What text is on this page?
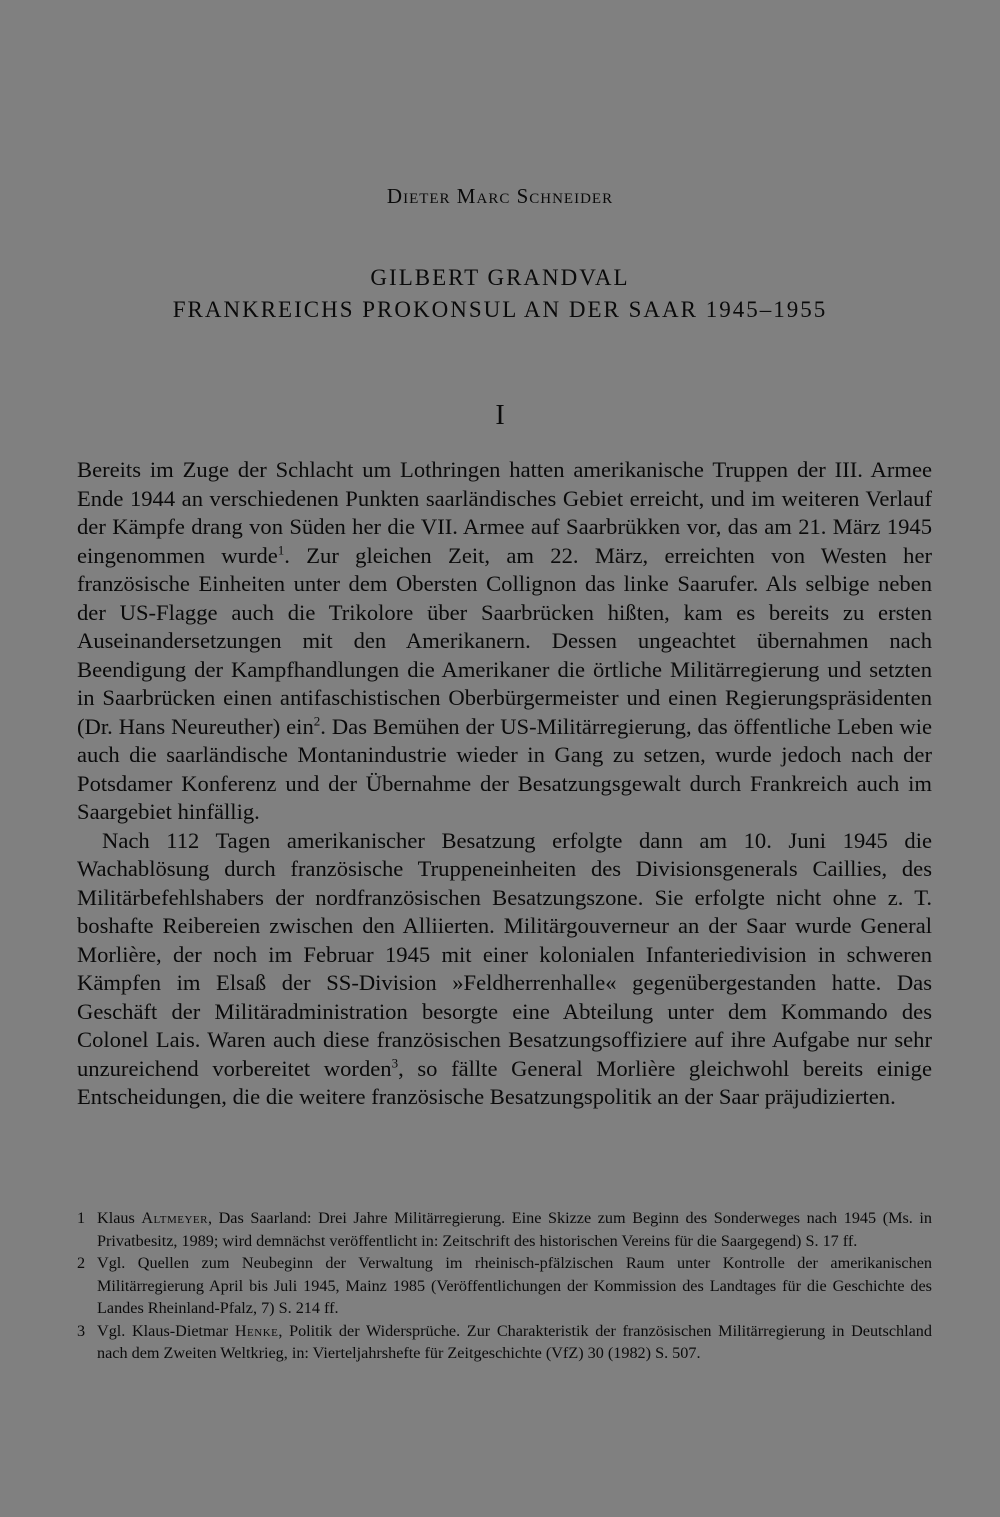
Dieter Marc Schneider
GILBERT GRANDVAL
FRANKREICHS PROKONSUL AN DER SAAR 1945–1955
I

Bereits im Zuge der Schlacht um Lothringen hatten amerikanische Truppen der III. Armee Ende 1944 an verschiedenen Punkten saarländisches Gebiet erreicht, und im weiteren Verlauf der Kämpfe drang von Süden her die VII. Armee auf Saarbrükken vor, das am 21. März 1945 eingenommen wurde$^1$. Zur gleichen Zeit, am 22. März, erreichten von Westen her französische Einheiten unter dem Obersten Collignon das linke Saarufer. Als selbige neben der US-Flagge auch die Trikolore über Saarbrücken hißten, kam es bereits zu ersten Auseinandersetzungen mit den Amerikanern. Dessen ungeachtet übernahmen nach Beendigung der Kampfhandlungen die Amerikaner die örtliche Militärregierung und setzten in Saarbrücken einen antifaschistischen Oberbürgermeister und einen Regierungspräsidenten (Dr. Hans Neureuther) ein$^2$. Das Bemühen der US-Militärregierung, das öffentliche Leben wie auch die saarländische Montanindustrie wieder in Gang zu setzen, wurde jedoch nach der Potsdamer Konferenz und der Übernahme der Besatzungsgewalt durch Frankreich auch im Saargebiet hinfällig.

Nach 112 Tagen amerikanischer Besatzung erfolgte dann am 10. Juni 1945 die Wachablösung durch französische Truppeneinheiten des Divisionsgenerals Caillies, des Militärbefehlshabers der nordfranzösischen Besatzungszone. Sie erfolgte nicht ohne z. T. boshafte Reibereien zwischen den Alliierten. Militärgouverneur an der Saar wurde General Morlière, der noch im Februar 1945 mit einer kolonialen Infanteriedivision in schweren Kämpfen im Elsaß der SS-Division »Feldherrenhalle« gegenübergestanden hatte. Das Geschäft der Militäradministration besorgte eine Abteilung unter dem Kommando des Colonel Lais. Waren auch diese französischen Besatzungsoffiziere auf ihre Aufgabe nur sehr unzureichend vorbereitet worden$^3$, so fällte General Morlière gleichwohl bereits einige Entscheidungen, die die weitere französische Besatzungspolitik an der Saar präjudizierten.

1 Klaus Altmeyer, Das Saarland: Drei Jahre Militärregierung. Eine Skizze zum Beginn des Sonderweges nach 1945 (Ms. in Privatbesitz, 1989; wird demnächst veröffentlicht in: Zeitschrift des historischen Vereins für die Saargegend) S. 17 ff.
2 Vgl. Quellen zum Neubeginn der Verwaltung im rheinisch-pfälzischen Raum unter Kontrolle der amerikanischen Militärregierung April bis Juli 1945, Mainz 1985 (Veröffentlichungen der Kommission des Landtages für die Geschichte des Landes Rheinland-Pfalz, 7) S. 214 ff.
3 Vgl. Klaus-Dietmar Henke, Politik der Widersprüche. Zur Charakteristik der französischen Militärregierung in Deutschland nach dem Zweiten Weltkrieg, in: Vierteljahrshefte für Zeitgeschichte (VfZ) 30 (1982) S. 507.
